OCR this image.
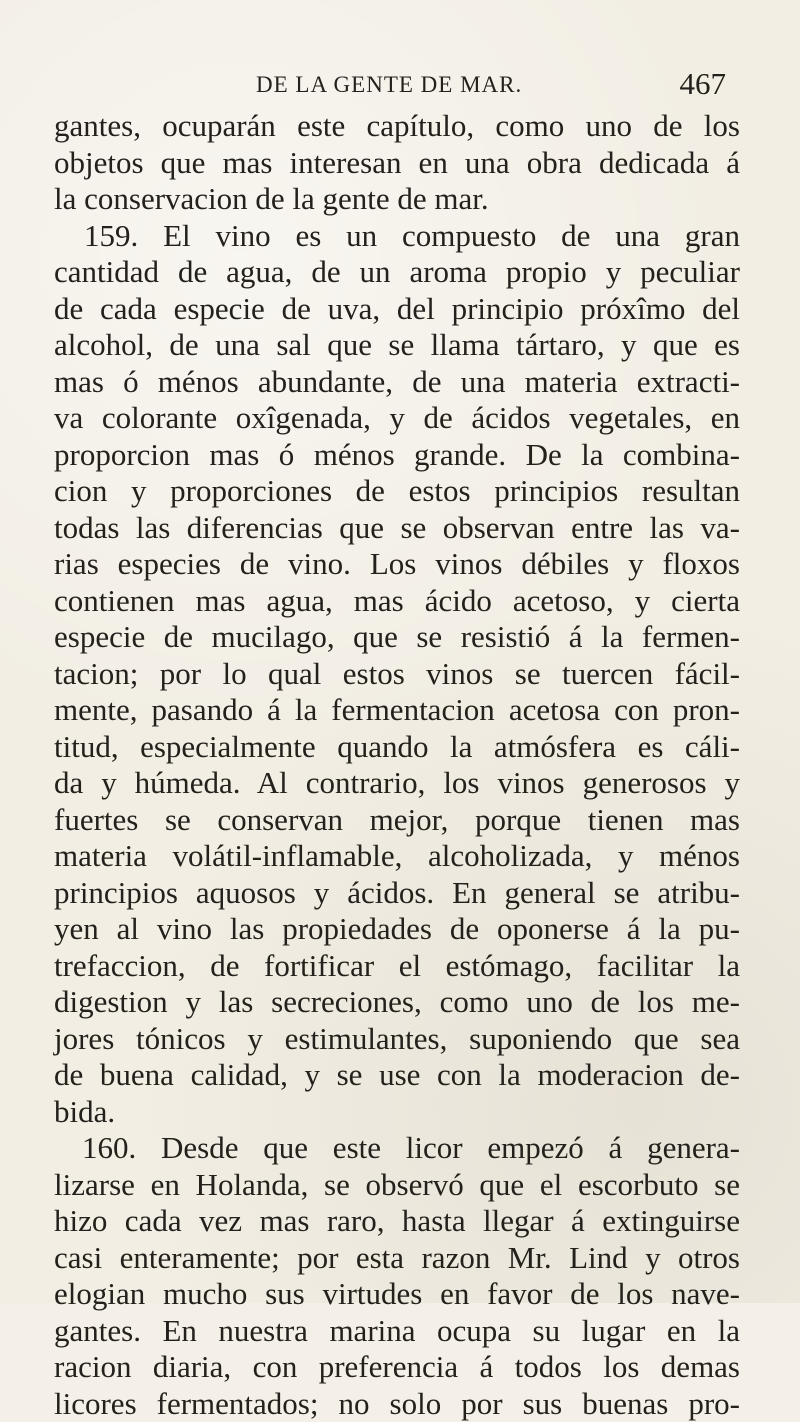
DE LA GENTE DE MAR.	467
gantes, ocuparán este capítulo, como uno de los
objetos que mas interesan en una obra dedicada á
la conservacion de la gente de mar.
159. El vino es un compuesto de una gran
cantidad de agua, de un aroma propio y peculiar
de cada especie de uva, del principio próxîmo del
alcohol, de una sal que se llama tártaro, y que es
mas ó ménos abundante, de una materia extracti-
va colorante oxîgenada, y de ácidos vegetales, en
proporcion mas ó ménos grande. De la combina-
cion y proporciones de estos principios resultan
todas las diferencias que se observan entre las va-
rias especies de vino. Los vinos débiles y floxos
contienen mas agua, mas ácido acetoso, y cierta
especie de mucilago, que se resistió á la fermen-
tacion; por lo qual estos vinos se tuercen fácil-
mente, pasando á la fermentacion acetosa con pron-
titud, especialmente quando la atmósfera es cáli-
da y húmeda. Al contrario, los vinos generosos y
fuertes se conservan mejor, porque tienen mas
materia volátil-inflamable, alcoholizada, y ménos
principios aquosos y ácidos. En general se atribu-
yen al vino las propiedades de oponerse á la pu-
trefaccion, de fortificar el estómago, facilitar la
digestion y las secreciones, como uno de los me-
jores tónicos y estimulantes, suponiendo que sea
de buena calidad, y se use con la moderacion de-
bida.
160. Desde que este licor empezó á genera-
lizarse en Holanda, se observó que el escorbuto se
hizo cada vez mas raro, hasta llegar á extinguirse
casi enteramente; por esta razon Mr. Lind y otros
elogian mucho sus virtudes en favor de los nave-
gantes. En nuestra marina ocupa su lugar en la
racion diaria, con preferencia á todos los demas
licores fermentados; no solo por sus buenas pro-
